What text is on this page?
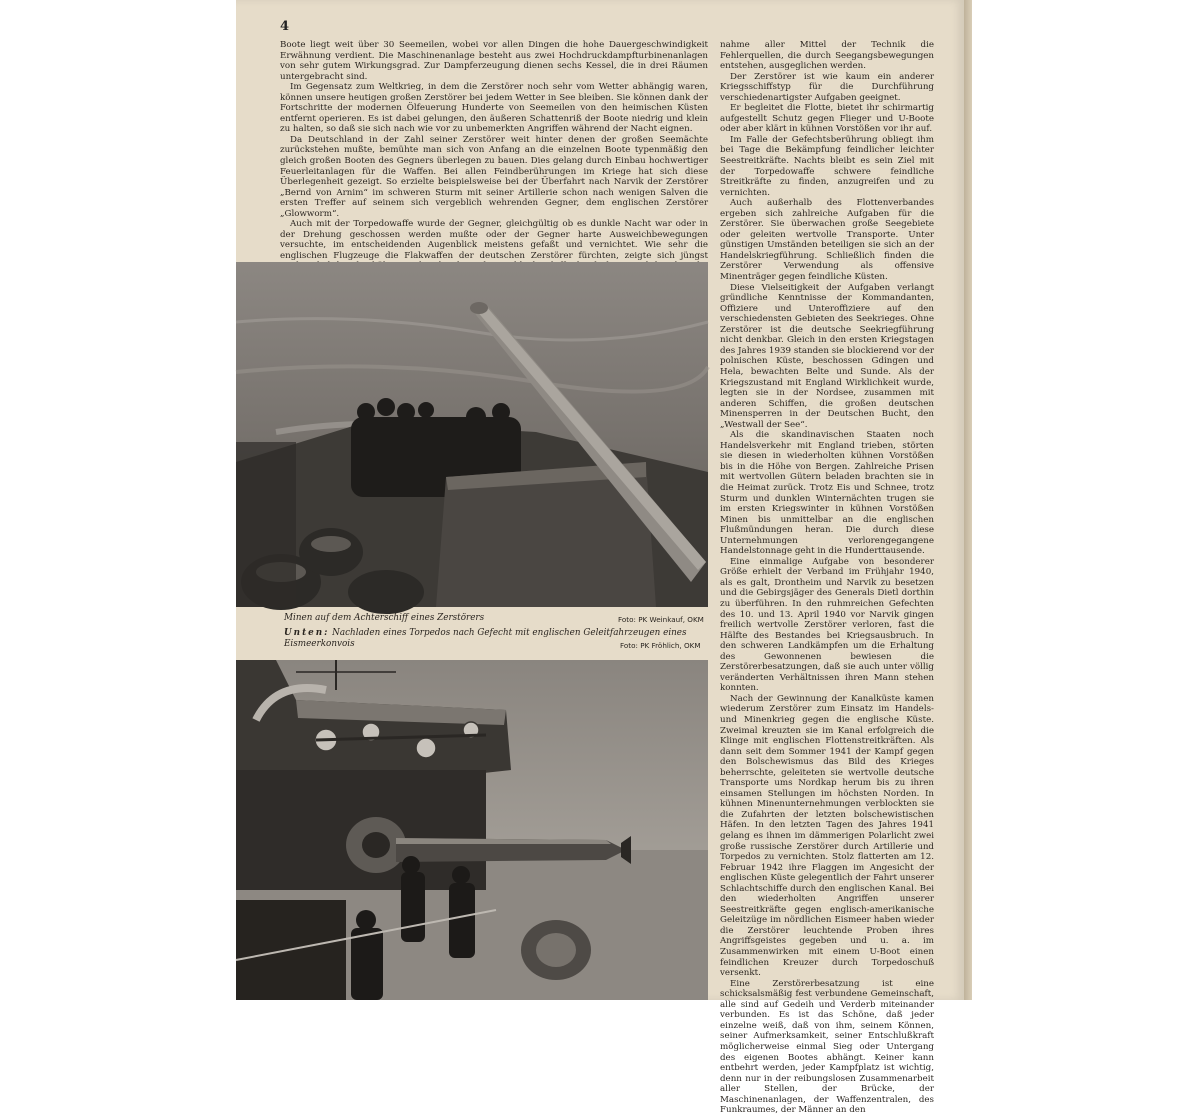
4

Boote liegt weit über 30 Seemeilen, wobei vor allen Dingen die hohe Dauergeschwindigkeit Erwähnung verdient. Die Maschinenanlage besteht aus zwei Hochdruckdampfturbinenanlagen von sehr gutem Wirkungsgrad. Zur Dampferzeugung dienen sechs Kessel, die in drei Räumen untergebracht sind.

Im Gegensatz zum Weltkrieg, in dem die Zerstörer noch sehr vom Wetter abhängig waren, können unsere heutigen großen Zerstörer bei jedem Wetter in See bleiben. Sie können dank der Fortschritte der modernen Ölfeuerung Hunderte von Seemeilen von den heimischen Küsten entfernt operieren. Es ist dabei gelungen, den äußeren Schattenriß der Boote niedrig und klein zu halten, so daß sie sich nach wie vor zu unbemerkten Angriffen während der Nacht eignen.

Da Deutschland in der Zahl seiner Zerstörer weit hinter denen der großen Seemächte zurückstehen mußte, bemühte man sich von Anfang an die einzelnen Boote typenmäßig den gleich großen Booten des Gegners überlegen zu bauen. Dies gelang durch Einbau hochwertiger Feuerleitanlagen für die Waffen. Bei allen Feindberührungen im Kriege hat sich diese Überlegenheit gezeigt. So erzielte beispielsweise bei der Überfahrt nach Narvik der Zerstörer „Bernd von Arnim“ im schweren Sturm mit seiner Artillerie schon nach wenigen Salven die ersten Treffer auf seinem sich vergeblich wehrenden Gegner, dem englischen Zerstörer „Glowworm“.

Auch mit der Torpedowaffe wurde der Gegner, gleichgültig ob es dunkle Nacht war oder in der Drehung geschossen werden mußte oder der Gegner harte Ausweichbewegungen versuchte, im entscheidenden Augenblick meistens gefaßt und vernichtet. Wie sehr die englischen Flugzeuge die Flakwaffen der deutschen Zerstörer fürchten, zeigte sich jüngst

nahme aller Mittel der Technik die Fehlerquellen, die durch Seegangsbewegungen entstehen, ausgeglichen werden.

Der Zerstörer ist wie kaum ein anderer Kriegsschiffstyp für die Durchführung verschiedenartigster Aufgaben geeignet.

Er begleitet die Flotte, bietet ihr schirmartig aufgestellt Schutz gegen Flieger und U-Boote oder aber klärt in kühnen Vorstößen vor ihr auf.

Im Falle der Gefechtsberührung obliegt ihm bei Tage die Bekämpfung feindlicher leichter Seestreitkräfte. Nachts bleibt es sein Ziel mit der Torpedowaffe schwere feindliche Streitkräfte zu finden, anzugreifen und zu vernichten.

Auch außerhalb des Flottenverbandes ergeben sich zahlreiche Aufgaben für die Zerstörer. Sie überwachen große Seegebiete oder geleiten wertvolle Transporte. Unter günstigen Umständen beteiligen sie sich an der Handelskriegführung. Schließlich finden die Zerstörer Verwendung als offensive Minenträger gegen feindliche Küsten.

Diese Vielseitigkeit der Aufgaben verlangt gründliche Kenntnisse der Kommandanten, Offiziere und Unteroffiziere auf den verschiedensten Gebieten des Seekrieges. Ohne Zerstörer ist die deutsche Seekriegführung nicht denkbar. Gleich in den ersten Kriegstagen des Jahres 1939 standen sie blockierend vor der polnischen Küste, beschossen Gdingen und Hela, bewachten Belte und Sunde. Als der Kriegszustand mit England Wirklichkeit wurde, legten sie in der Nordsee, zusammen mit anderen Schiffen, die großen deutschen Minensperren in der Deutschen Bucht, den „Westwall der See“.

Als die skandinavischen Staaten noch Handelsverkehr mit England trieben, störten sie diesen in wiederholten kühnen Vorstößen bis in die Höhe von Bergen. Zahlreiche Prisen mit wertvollen Gütern beladen brachten sie in die Heimat zurück. Trotz Eis und Schnee, trotz Sturm und dunklen Winternächten trugen sie im ersten Kriegswinter in kühnen Vorstößen Minen bis unmittelbar an die englischen Flußmündungen heran. Die durch diese Unternehmungen verlorengegangene Handelstonnage geht in die Hunderttausende.

Eine einmalige Aufgabe von besonderer Größe erhielt der Verband im Frühjahr 1940, als es galt, Drontheim und Narvik zu besetzen und die Gebirgsjäger des Generals Dietl dorthin zu überführen. In den ruhmreichen Gefechten des 10. und 13. April 1940 vor Narvik gingen freilich wertvolle Zerstörer verloren, fast die Hälfte des Bestandes bei Kriegsausbruch. In den schweren Landkämpfen um die Erhaltung des Gewonnenen bewiesen die Zerstörerbesatzungen, daß sie auch unter völlig veränderten Verhältnissen ihren Mann stehen konnten.

Nach der Gewinnung der Kanalküste kamen wiederum Zerstörer zum Einsatz im Handels- und Minenkrieg gegen die englische Küste. Zweimal kreuzten sie im Kanal erfolgreich die Klinge mit englischen Flottenstreitkräften. Als dann seit dem Sommer 1941 der Kampf gegen den Bolschewismus das Bild des Krieges beherrschte, geleiteten sie wertvolle deutsche Transporte ums Nordkap herum bis zu ihren einsamen Stellungen im höchsten Norden. In kühnen Minenunternehmungen verblockten sie die Zufahrten der letzten bolschewistischen Häfen. In den letzten Tagen des Jahres 1941 gelang es ihnen im dämmerigen Polarlicht zwei große russische Zerstörer durch Artillerie und Torpedos zu vernichten. Stolz flatterten am 12. Februar 1942 ihre Flaggen im Angesicht der englischen Küste gelegentlich der Fahrt unserer Schlachtschiffe durch den englischen Kanal. Bei den wiederholten Angriffen unserer Seestreitkräfte gegen englisch-amerikanische Geleitzüge im nördlichen Eismeer haben wieder die Zerstörer leuchtende Proben ihres Angriffsgeistes gegeben und u. a. im Zusammenwirken mit einem U-Boot einen feindlichen Kreuzer durch Torpedoschuß versenkt.

Eine Zerstörerbesatzung ist eine schicksalsmäßig fest verbundene Gemeinschaft, alle sind auf Gedeih und Verderb miteinander verbunden. Es ist das Schöne, daß jeder einzelne weiß, daß von ihm, seinem Können, seiner Aufmerksamkeit, seiner Entschlußkraft möglicherweise einmal Sieg oder Untergang des eigenen Bootes abhängt. Keiner kann entbehrt werden, jeder Kampfplatz ist wichtig, denn nur in der reibungslosen Zusammenarbeit aller Stellen, der Brücke, der Maschinenanlagen, der Waffenzentralen, des Funkraumes, der Männer an den

Minen auf dem Achterschiff eines Zerstörers	Foto: PK Weinkauf, OKM
Unten: Nachladen eines Torpedos nach Gefecht mit englischen Geleitfahrzeugen eines Eismeerkonvois	Foto: PK Fröhlich, OKM
